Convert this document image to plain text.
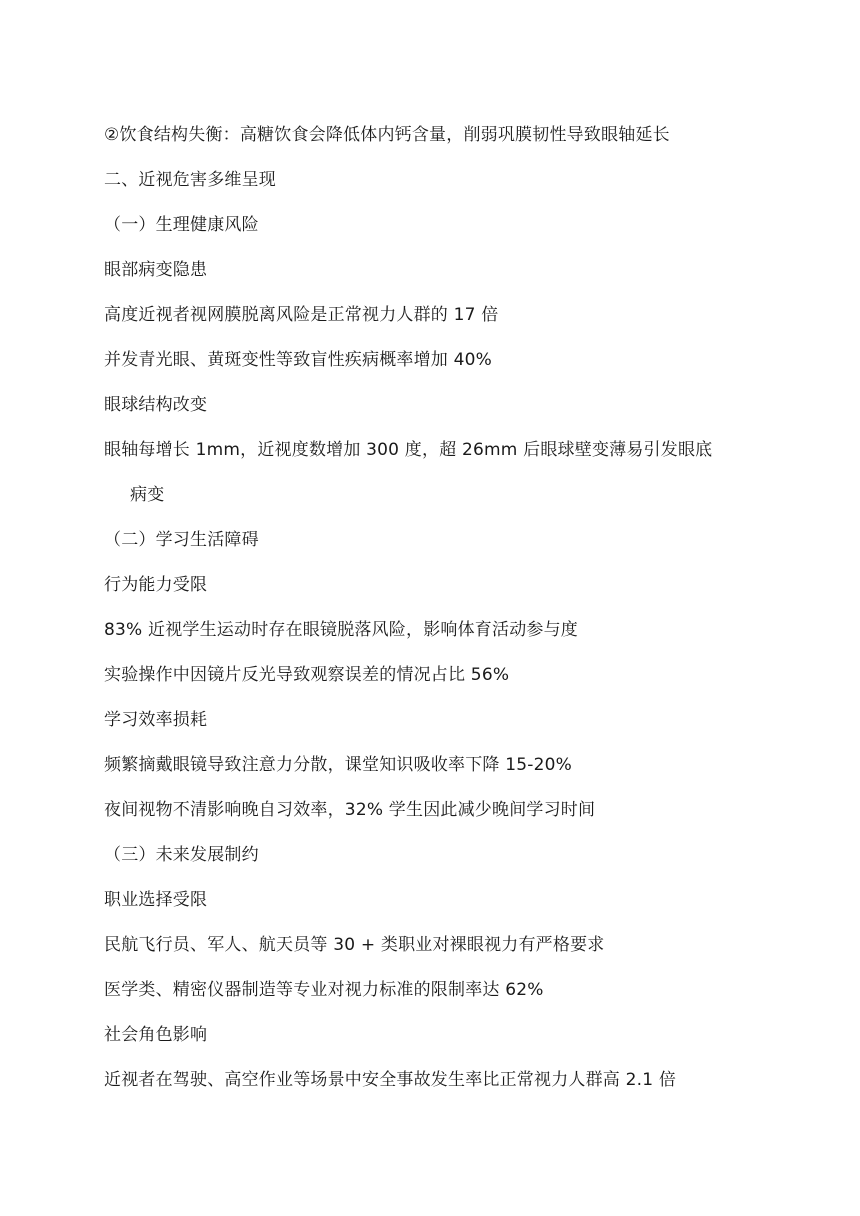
②饮食结构失衡：高糖饮食会降低体内钙含量，削弱巩膜韧性导致眼轴延长
二、近视危害多维呈现
（一）生理健康风险
眼部病变隐患
高度近视者视网膜脱离风险是正常视力人群的 17 倍
并发青光眼、黄斑变性等致盲性疾病概率增加 40%
眼球结构改变
眼轴每增长 1mm，近视度数增加 300 度，超 26mm 后眼球壁变薄易引发眼底
病变
（二）学习生活障碍
行为能力受限
83% 近视学生运动时存在眼镜脱落风险，影响体育活动参与度
实验操作中因镜片反光导致观察误差的情况占比 56%
学习效率损耗
频繁摘戴眼镜导致注意力分散，课堂知识吸收率下降 15-20%
夜间视物不清影响晚自习效率，32% 学生因此减少晚间学习时间
（三）未来发展制约
职业选择受限
民航飞行员、军人、航天员等 30 + 类职业对裸眼视力有严格要求
医学类、精密仪器制造等专业对视力标准的限制率达 62%
社会角色影响
近视者在驾驶、高空作业等场景中安全事故发生率比正常视力人群高 2.1 倍
